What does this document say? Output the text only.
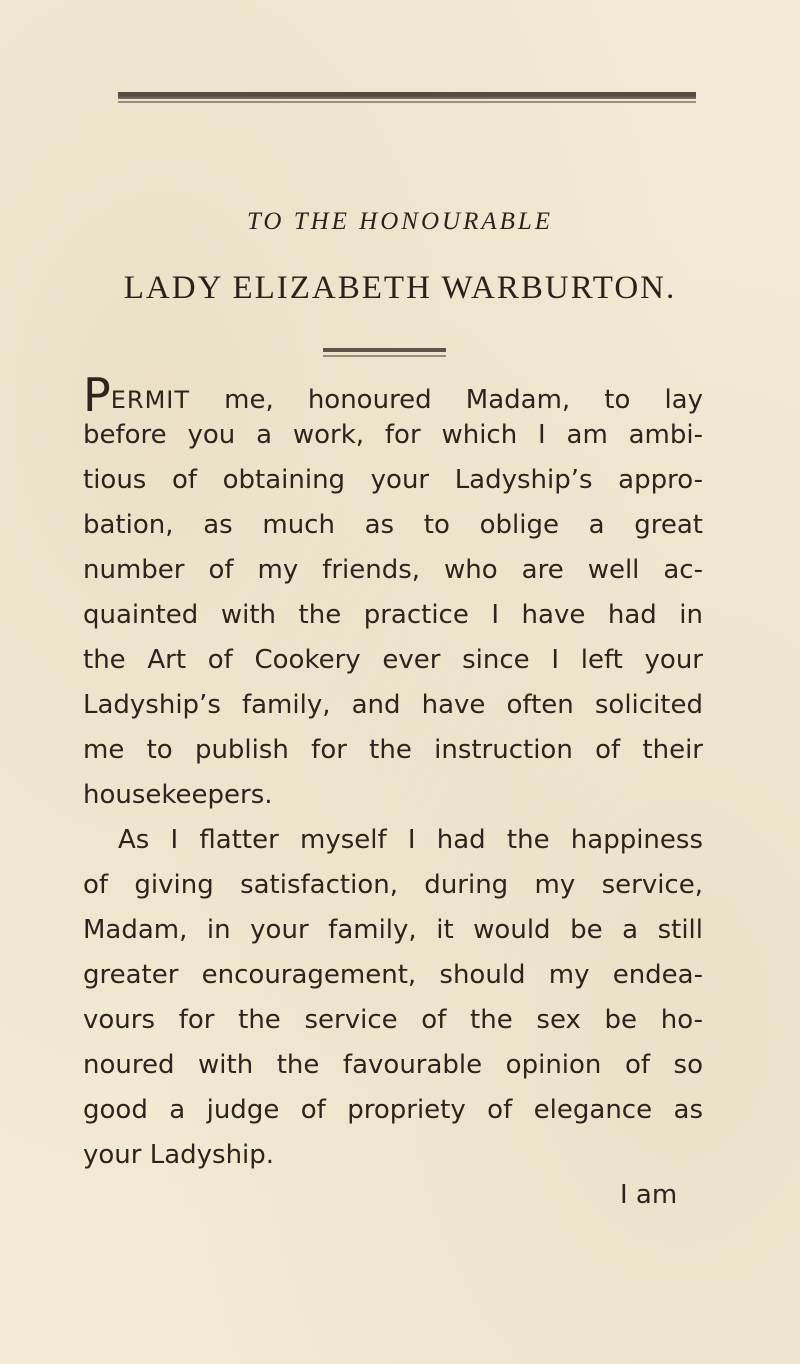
TO THE HONOURABLE
LADY ELIZABETH WARBURTON.
PERMIT me, honoured Madam, to lay
before you a work, for which I am ambi-
tious of obtaining your Ladyship’s appro-
bation, as much as to oblige a great
number of my friends, who are well ac-
quainted with the practice I have had in
the Art of Cookery ever since I left your
Ladyship’s family, and have often solicited
me to publish for the instruction of their
housekeepers.
As I flatter myself I had the happiness
of giving satisfaction, during my service,
Madam, in your family, it would be a still
greater encouragement, should my endea-
vours for the service of the sex be ho-
noured with the favourable opinion of so
good a judge of propriety of elegance as
your Ladyship.
I am
